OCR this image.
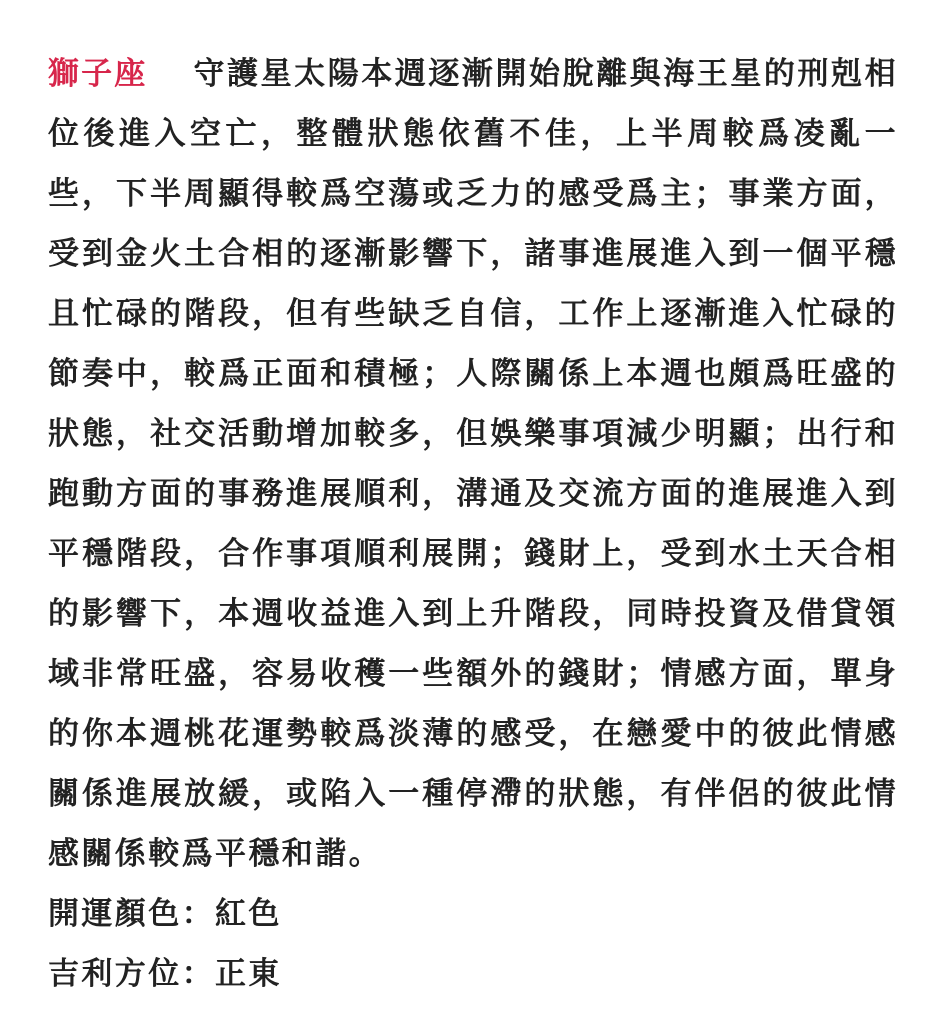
獅子座 守護星太陽本週逐漸開始脫離與海王星的刑剋相位後進入空亡，整體狀態依舊不佳，上半周較爲凌亂一些，下半周顯得較爲空蕩或乏力的感受爲主；事業方面，受到金火土合相的逐漸影響下，諸事進展進入到一個平穩且忙碌的階段，但有些缺乏自信，工作上逐漸進入忙碌的節奏中，較爲正面和積極；人際關係上本週也頗爲旺盛的狀態，社交活動增加較多，但娛樂事項減少明顯；出行和跑動方面的事務進展順利，溝通及交流方面的進展進入到平穩階段，合作事項順利展開；錢財上，受到水土天合相的影響下，本週收益進入到上升階段，同時投資及借貸領域非常旺盛，容易收穫一些額外的錢財；情感方面，單身的你本週桃花運勢較爲淡薄的感受，在戀愛中的彼此情感關係進展放緩，或陷入一種停滯的狀態，有伴侶的彼此情感關係較爲平穩和諧。

開運顏色：紅色

吉利方位：正東
